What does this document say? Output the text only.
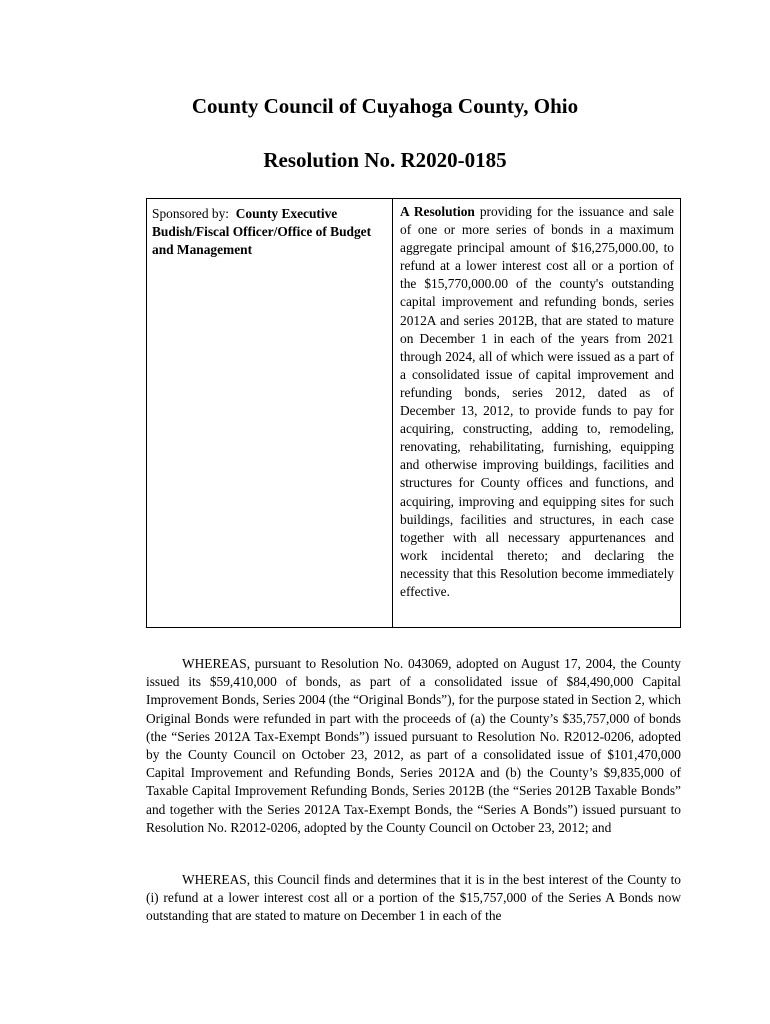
County Council of Cuyahoga County, Ohio
Resolution No. R2020-0185
Sponsored by: County Executive Budish/Fiscal Officer/Office of Budget and Management
A Resolution providing for the issuance and sale of one or more series of bonds in a maximum aggregate principal amount of $16,275,000.00, to refund at a lower interest cost all or a portion of the $15,770,000.00 of the county's outstanding capital improvement and refunding bonds, series 2012A and series 2012B, that are stated to mature on December 1 in each of the years from 2021 through 2024, all of which were issued as a part of a consolidated issue of capital improvement and refunding bonds, series 2012, dated as of December 13, 2012, to provide funds to pay for acquiring, constructing, adding to, remodeling, renovating, rehabilitating, furnishing, equipping and otherwise improving buildings, facilities and structures for County offices and functions, and acquiring, improving and equipping sites for such buildings, facilities and structures, in each case together with all necessary appurtenances and work incidental thereto; and declaring the necessity that this Resolution become immediately effective.

WHEREAS, pursuant to Resolution No. 043069, adopted on August 17, 2004, the County issued its $59,410,000 of bonds, as part of a consolidated issue of $84,490,000 Capital Improvement Bonds, Series 2004 (the “Original Bonds”), for the purpose stated in Section 2, which Original Bonds were refunded in part with the proceeds of (a) the County’s $35,757,000 of bonds (the “Series 2012A Tax-Exempt Bonds”) issued pursuant to Resolution No. R2012-0206, adopted by the County Council on October 23, 2012, as part of a consolidated issue of $101,470,000 Capital Improvement and Refunding Bonds, Series 2012A and (b) the County’s $9,835,000 of Taxable Capital Improvement Refunding Bonds, Series 2012B (the “Series 2012B Taxable Bonds” and together with the Series 2012A Tax-Exempt Bonds, the “Series A Bonds”) issued pursuant to Resolution No. R2012-0206, adopted by the County Council on October 23, 2012; and

WHEREAS, this Council finds and determines that it is in the best interest of the County to (i) refund at a lower interest cost all or a portion of the $15,757,000 of the Series A Bonds now outstanding that are stated to mature on December 1 in each of the
